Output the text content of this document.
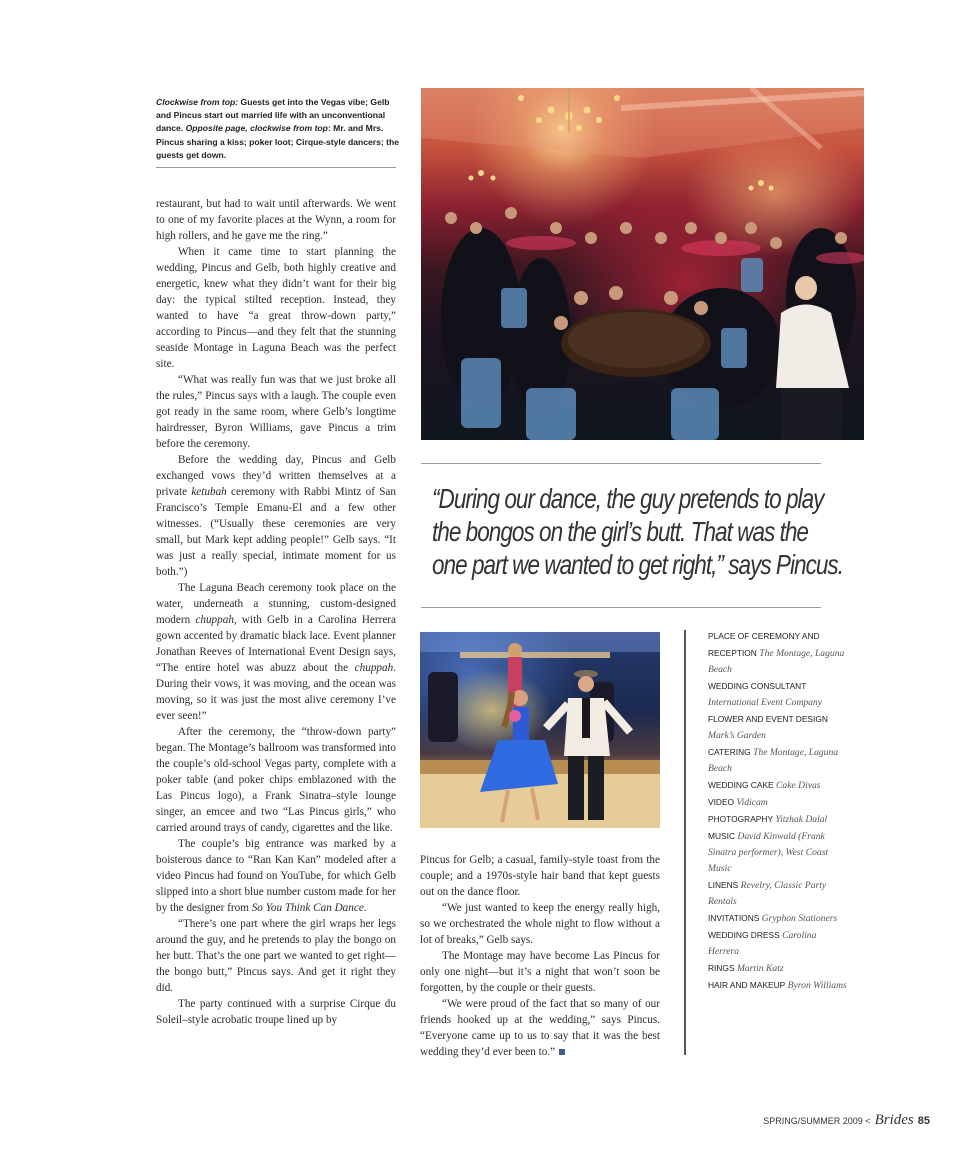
Clockwise from top: Guests get into the Vegas vibe; Gelb and Pincus start out married life with an unconventional dance. Opposite page, clockwise from top: Mr. and Mrs. Pincus sharing a kiss; poker loot; Cirque-style dancers; the guests get down.

restaurant, but had to wait until afterwards. We went to one of my favorite places at the Wynn, a room for high rollers, and he gave me the ring.”

When it came time to start planning the wedding, Pincus and Gelb, both highly creative and energetic, knew what they didn’t want for their big day: the typical stilted reception. Instead, they wanted to have “a great throw-down party,” according to Pincus—and they felt that the stunning seaside Montage in Laguna Beach was the perfect site.

“What was really fun was that we just broke all the rules,” Pincus says with a laugh. The couple even got ready in the same room, where Gelb’s longtime hairdresser, Byron Williams, gave Pincus a trim before the ceremony.

Before the wedding day, Pincus and Gelb exchanged vows they’d written themselves at a private ketubah ceremony with Rabbi Mintz of San Francisco’s Temple Emanu-El and a few other witnesses. (“Usually these ceremonies are very small, but Mark kept adding people!” Gelb says. “It was just a really special, intimate moment for us both.”)

The Laguna Beach ceremony took place on the water, underneath a stunning, custom-designed modern chuppah, with Gelb in a Carolina Herrera gown accented by dramatic black lace. Event planner Jonathan Reeves of International Event Design says, “The entire hotel was abuzz about the chuppah. During their vows, it was moving, and the ocean was moving, so it was just the most alive ceremony I’ve ever seen!”

After the ceremony, the “throw-down party” began. The Montage’s ballroom was transformed into the couple’s old-school Vegas party, complete with a poker table (and poker chips emblazoned with the Las Pincus logo), a Frank Sinatra–style lounge singer, an emcee and two “Las Pincus girls,” who carried around trays of candy, cigarettes and the like.

The couple’s big entrance was marked by a boisterous dance to “Ran Kan Kan” modeled after a video Pincus had found on YouTube, for which Gelb slipped into a short blue number custom made for her by the designer from So You Think Can Dance.

“There’s one part where the girl wraps her legs around the guy, and he pretends to play the bongo on her butt. That’s the one part we wanted to get right—the bongo butt,” Pincus says. And get it right they did.

The party continued with a surprise Cirque du Soleil–style acrobatic troupe lined up by

“During our dance, the guy pretends to play
the bongos on the girl’s butt. That was the
one part we wanted to get right,” says Pincus.

Pincus for Gelb; a casual, family-style toast from the couple; and a 1970s-style hair band that kept guests out on the dance floor.

“We just wanted to keep the energy really high, so we orchestrated the whole night to flow without a lot of breaks,” Gelb says.

The Montage may have become Las Pincus for only one night—but it’s a night that won’t soon be forgotten, by the couple or their guests.

“We were proud of the fact that so many of our friends hooked up at the wedding,” says Pincus. “Everyone came up to us to say that it was the best wedding they’d ever been to.”

PLACE OF CEREMONY AND RECEPTION The Montage, Laguna Beach
WEDDING CONSULTANT International Event Company
FLOWER AND EVENT DESIGN Mark’s Garden
CATERING The Montage, Laguna Beach
WEDDING CAKE Cake Divas
VIDEO Vidicam
PHOTOGRAPHY Yitzhak Dalal
MUSIC David Kinwald (Frank Sinatra performer), West Coast Music
LINENS Revelry, Classic Party Rentals
INVITATIONS Gryphon Stationers
WEDDING DRESS Carolina Herrera
RINGS Martin Katz
HAIR AND MAKEUP Byron Williams
SPRING/SUMMER 2009 < Brides 85
